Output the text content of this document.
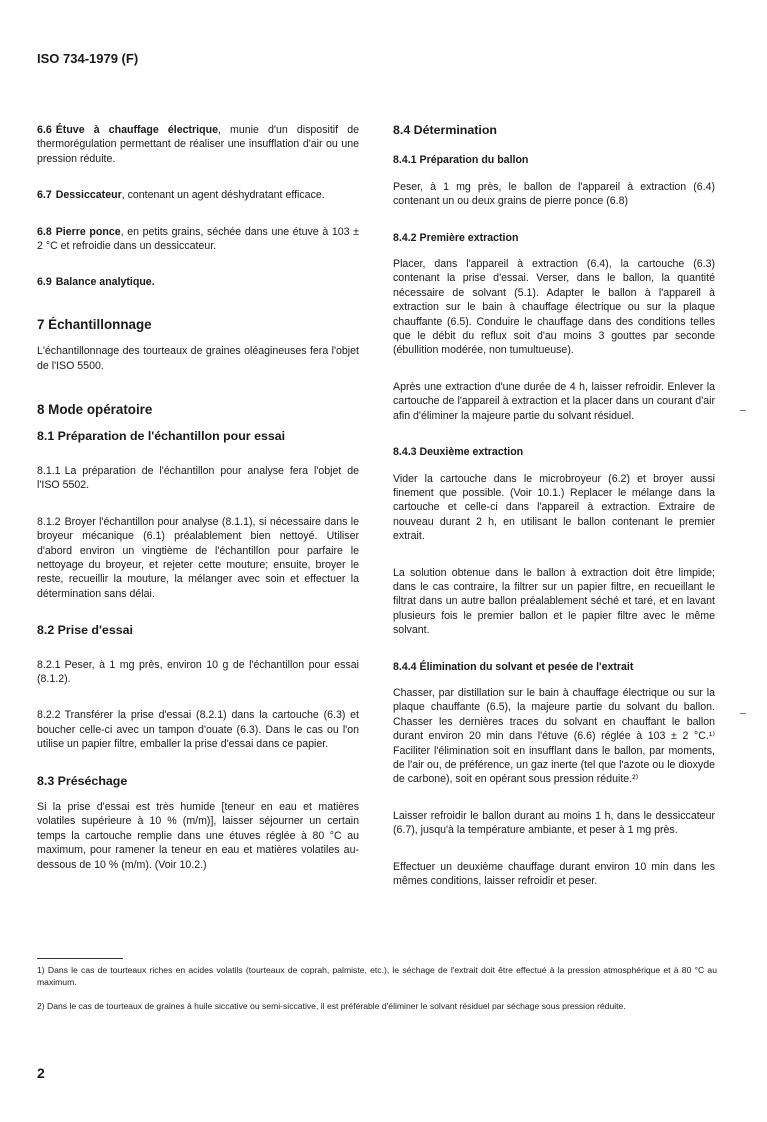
ISO 734-1979 (F)

6.6 Étuve à chauffage électrique, munie d'un dispositif de thermorégulation permettant de réaliser une insufflation d'air ou une pression réduite.

6.7 Dessiccateur, contenant un agent déshydratant efficace.

6.8 Pierre ponce, en petits grains, séchée dans une étuve à 103 ± 2 °C et refroidie dans un dessiccateur.

6.9 Balance analytique.

7 Échantillonnage

L'échantillonnage des tourteaux de graines oléagineuses fera l'objet de l'ISO 5500.

8 Mode opératoire
8.1 Préparation de l'échantillon pour essai

8.1.1 La préparation de l'échantillon pour analyse fera l'objet de l'ISO 5502.

8.1.2 Broyer l'échantillon pour analyse (8.1.1), si nécessaire dans le broyeur mécanique (6.1) préalablement bien nettoyé. Utiliser d'abord environ un vingtième de l'échantillon pour parfaire le nettoyage du broyeur, et rejeter cette mouture; ensuite, broyer le reste, recueillir la mouture, la mélanger avec soin et effectuer la détermination sans délai.

8.2 Prise d'essai

8.2.1 Peser, à 1 mg près, environ 10 g de l'échantillon pour essai (8.1.2).

8.2.2 Transférer la prise d'essai (8.2.1) dans la cartouche (6.3) et boucher celle-ci avec un tampon d'ouate (6.3). Dans le cas ou l'on utilise un papier filtre, emballer la prise d'essai dans ce papier.

8.3 Préséchage

Si la prise d'essai est très humide [teneur en eau et matières volatiles supérieure à 10 % (m/m)], laisser séjourner un certain temps la cartouche remplie dans une étuves réglée à 80 °C au maximum, pour ramener la teneur en eau et matières volatiles au-dessous de 10 % (m/m). (Voir 10.2.)

8.4 Détermination
8.4.1 Préparation du ballon

Peser, à 1 mg près, le ballon de l'appareil à extraction (6.4) contenant un ou deux grains de pierre ponce (6.8)

8.4.2 Première extraction

Placer, dans l'appareil à extraction (6.4), la cartouche (6.3) contenant la prise d'essai. Verser, dans le ballon, la quantité nécessaire de solvant (5.1). Adapter le ballon à l'appareil à extraction sur le bain à chauffage électrique ou sur la plaque chauffante (6.5). Conduire le chauffage dans des conditions telles que le débit du reflux soit d'au moins 3 gouttes par seconde (ébullition modérée, non tumultueuse).

Après une extraction d'une durée de 4 h, laisser refroidir. Enlever la cartouche de l'appareil à extraction et la placer dans un courant d'air afin d'éliminer la majeure partie du solvant résiduel.

8.4.3 Deuxième extraction

Vider la cartouche dans le microbroyeur (6.2) et broyer aussi finement que possible. (Voir 10.1.) Replacer le mélange dans la cartouche et celle-ci dans l'appareil à extraction. Extraire de nouveau durant 2 h, en utilisant le ballon contenant le premier extrait.

La solution obtenue dans le ballon à extraction doit être limpide; dans le cas contraire, la filtrer sur un papier filtre, en recueillant le filtrat dans un autre ballon préalablement séché et taré, et en lavant plusieurs fois le premier ballon et le papier filtre avec le même solvant.

8.4.4 Élimination du solvant et pesée de l'extrait

Chasser, par distillation sur le bain à chauffage électrique ou sur la plaque chauffante (6.5), la majeure partie du solvant du ballon. Chasser les dernières traces du solvant en chauffant le ballon durant environ 20 min dans l'étuve (6.6) réglée à 103 ± 2 °C.¹⁾ Faciliter l'élimination soit en insufflant dans le ballon, par moments, de l'air ou, de préférence, un gaz inerte (tel que l'azote ou le dioxyde de carbone), soit en opérant sous pression réduite.²⁾

Laisser refroidir le ballon durant au moins 1 h, dans le dessiccateur (6.7), jusqu'à la température ambiante, et peser à 1 mg près.

Effectuer un deuxième chauffage durant environ 10 min dans les mêmes conditions, laisser refroidir et peser.

1) Dans le cas de tourteaux riches en acides volatils (tourteaux de coprah, palmiste, etc.), le séchage de l'extrait doit être effectué à la pression atmosphérique et à 80 °C au maximum.

2) Dans le cas de tourteaux de graines à huile siccative ou semi-siccative, il est préférable d'éliminer le solvant résiduel par séchage sous pression réduite.

2
